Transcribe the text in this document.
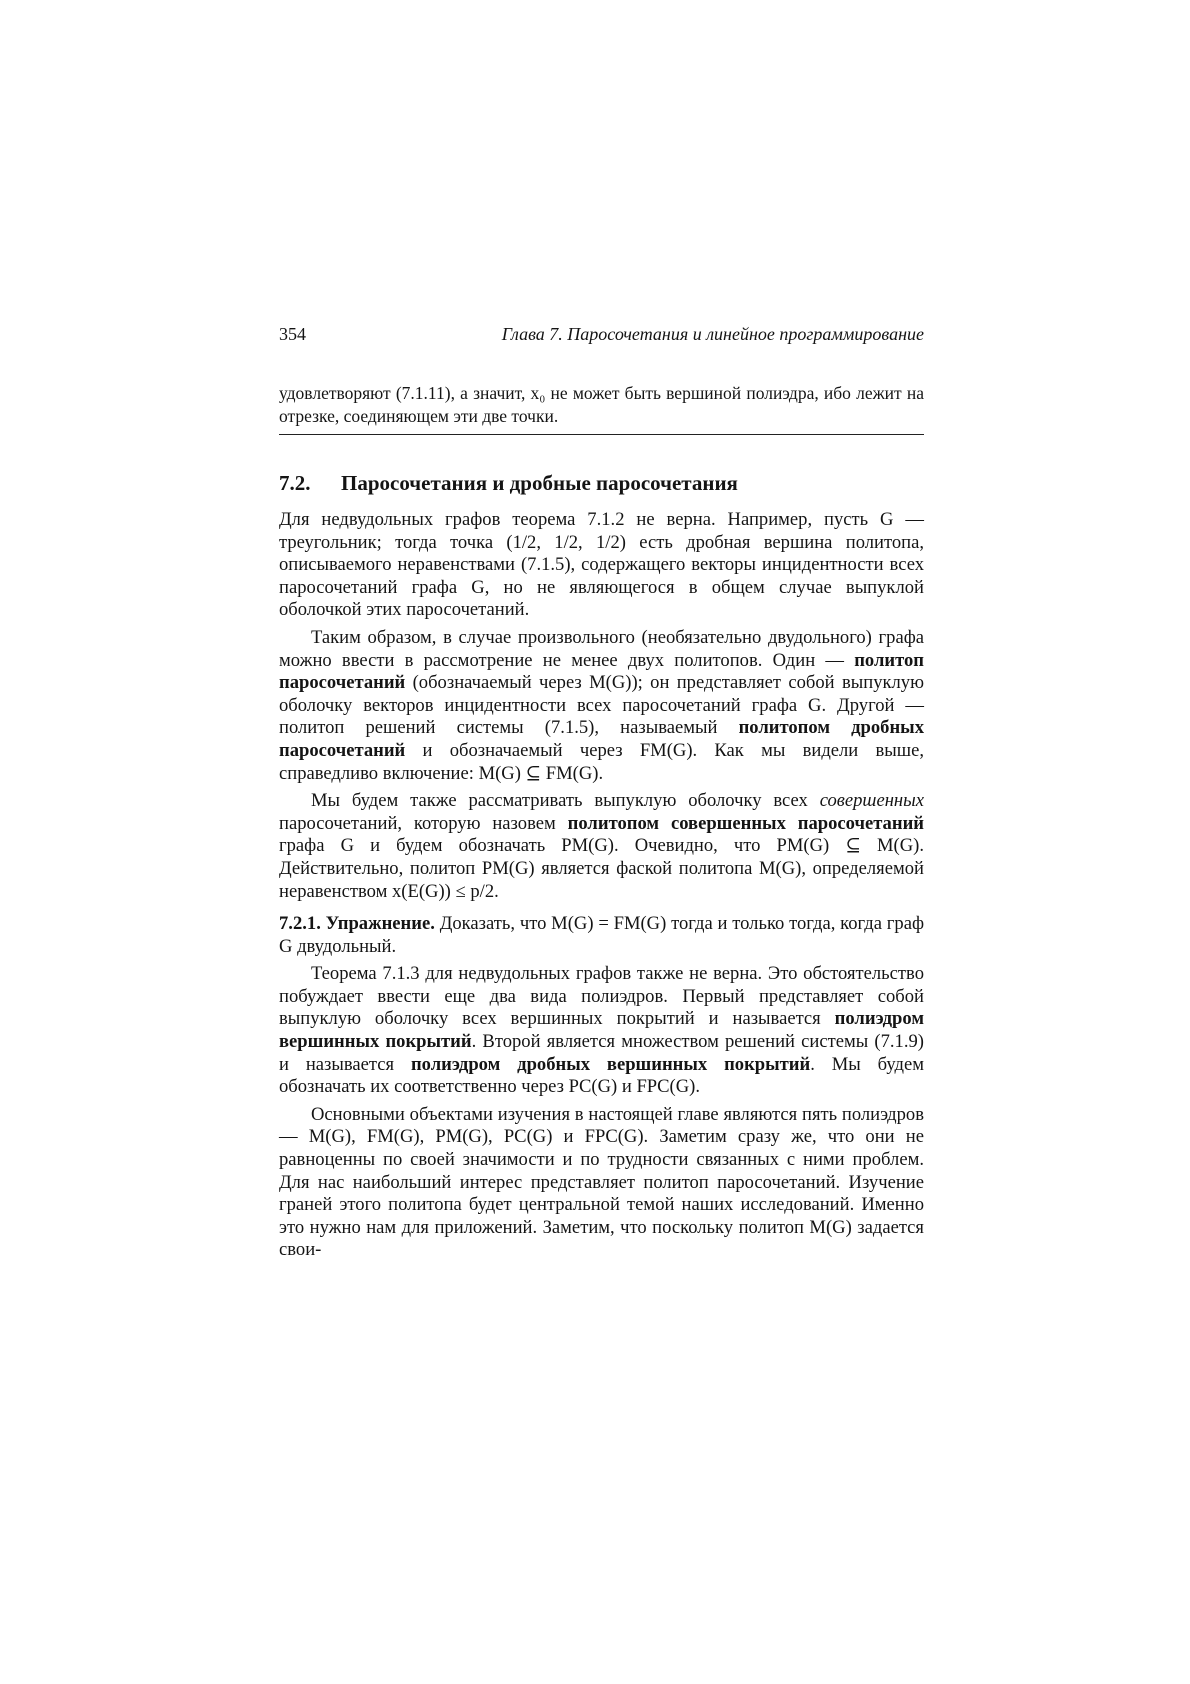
354	Глава 7. Паросочетания и линейное программирование
удовлетворяют (7.1.11), а значит, x₀ не может быть вершиной полиэдра, ибо лежит на отрезке, соединяющем эти две точки.
7.2.	Паросочетания и дробные паросочетания

Для недвудольных графов теорема 7.1.2 не верна. Например, пусть G — треугольник; тогда точка (1/2, 1/2, 1/2) есть дробная вершина политопа, описываемого неравенствами (7.1.5), содержащего векторы инцидентности всех паросочетаний графа G, но не являющегося в общем случае выпуклой оболочкой этих паросочетаний.

Таким образом, в случае произвольного (необязательно двудольного) графа можно ввести в рассмотрение не менее двух политопов. Один — политоп паросочетаний (обозначаемый через M(G)); он представляет собой выпуклую оболочку векторов инцидентности всех паросочетаний графа G. Другой — политоп решений системы (7.1.5), называемый политопом дробных паросочетаний и обозначаемый через FM(G). Как мы видели выше, справедливо включение: M(G) ⊆ FM(G).

Мы будем также рассматривать выпуклую оболочку всех совершенных паросочетаний, которую назовем политопом совершенных паросочетаний графа G и будем обозначать PM(G). Очевидно, что PM(G) ⊆ M(G). Действительно, политоп PM(G) является фаской политопа M(G), определяемой неравенством x(E(G)) ≤ p/2.

7.2.1. Упражнение. Доказать, что M(G) = FM(G) тогда и только тогда, когда граф G двудольный.

Теорема 7.1.3 для недвудольных графов также не верна. Это обстоятельство побуждает ввести еще два вида полиэдров. Первый представляет собой выпуклую оболочку всех вершинных покрытий и называется полиэдром вершинных покрытий. Второй является множеством решений системы (7.1.9) и называется полиэдром дробных вершинных покрытий. Мы будем обозначать их соответственно через PC(G) и FPC(G).

Основными объектами изучения в настоящей главе являются пять полиэдров — M(G), FM(G), PM(G), PC(G) и FPC(G). Заметим сразу же, что они не равноценны по своей значимости и по трудности связанных с ними проблем. Для нас наибольший интерес представляет политоп паросочетаний. Изучение граней этого политопа будет центральной темой наших исследований. Именно это нужно нам для приложений. Заметим, что поскольку политоп M(G) задается свои-
